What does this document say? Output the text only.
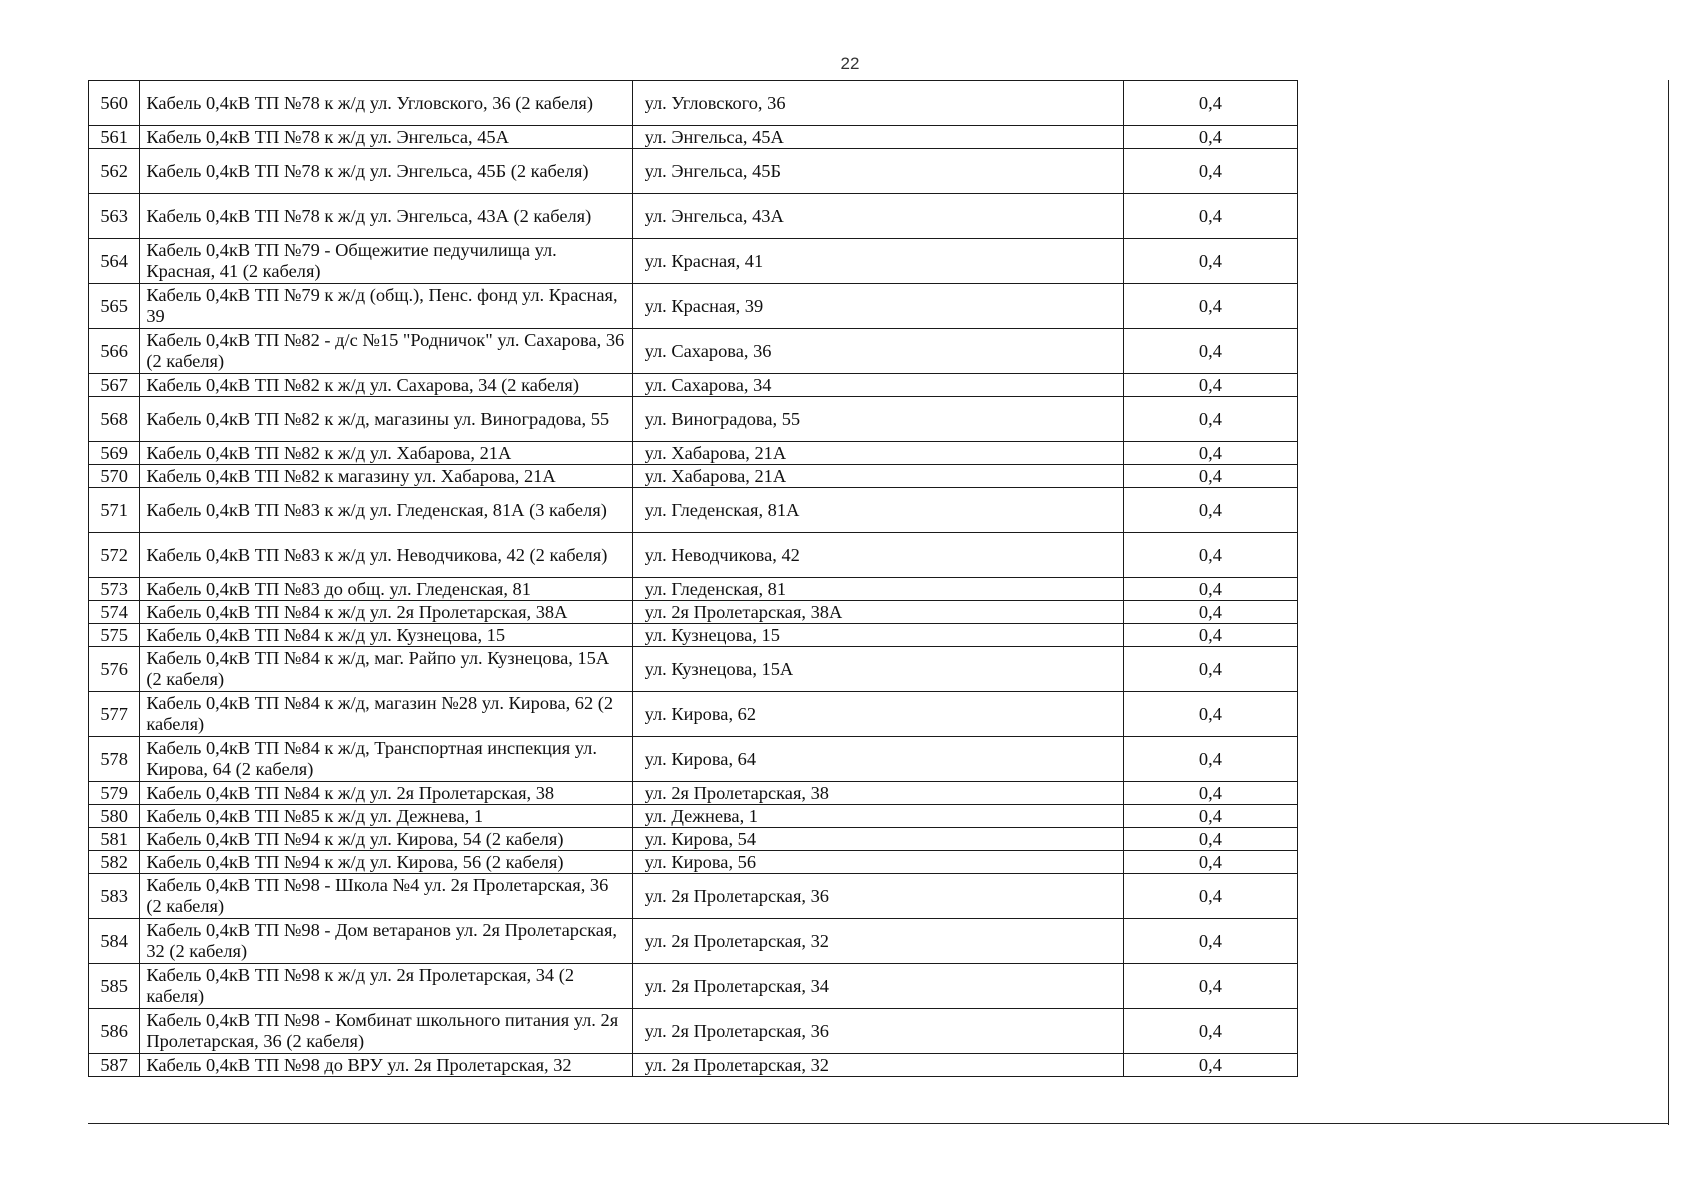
22
560	Кабель 0,4кВ ТП №78 к ж/д ул. Угловского, 36 (2 кабеля)	ул. Угловского, 36	0,4
561	Кабель 0,4кВ ТП №78 к ж/д ул. Энгельса, 45А	ул. Энгельса, 45А	0,4
562	Кабель 0,4кВ ТП №78 к ж/д ул. Энгельса, 45Б (2 кабеля)	ул. Энгельса, 45Б	0,4
563	Кабель 0,4кВ ТП №78 к ж/д ул. Энгельса, 43А (2 кабеля)	ул. Энгельса, 43А	0,4
564	Кабель 0,4кВ ТП №79 - Общежитие педучилища ул. Красная, 41 (2 кабеля)	ул. Красная, 41	0,4
565	Кабель 0,4кВ ТП №79 к ж/д (общ.), Пенс. фонд ул. Красная, 39	ул. Красная, 39	0,4
566	Кабель 0,4кВ ТП №82 - д/с №15 "Родничок" ул. Сахарова, 36 (2 кабеля)	ул. Сахарова, 36	0,4
567	Кабель 0,4кВ ТП №82 к ж/д ул. Сахарова, 34 (2 кабеля)	ул. Сахарова, 34	0,4
568	Кабель 0,4кВ ТП №82 к ж/д, магазины ул. Виноградова, 55	ул. Виноградова, 55	0,4
569	Кабель 0,4кВ ТП №82 к ж/д ул. Хабарова, 21А	ул. Хабарова, 21А	0,4
570	Кабель 0,4кВ ТП №82 к магазину ул. Хабарова, 21А	ул. Хабарова, 21А	0,4
571	Кабель 0,4кВ ТП №83 к ж/д ул. Гледенская, 81А (3 кабеля)	ул. Гледенская, 81А	0,4
572	Кабель 0,4кВ ТП №83 к ж/д ул. Неводчикова, 42 (2 кабеля)	ул. Неводчикова, 42	0,4
573	Кабель 0,4кВ ТП №83 до общ. ул. Гледенская, 81	ул. Гледенская, 81	0,4
574	Кабель 0,4кВ ТП №84 к ж/д ул. 2я Пролетарская, 38А	ул. 2я Пролетарская, 38А	0,4
575	Кабель 0,4кВ ТП №84 к ж/д ул. Кузнецова, 15	ул. Кузнецова, 15	0,4
576	Кабель 0,4кВ ТП №84 к ж/д, маг. Райпо ул. Кузнецова, 15А (2 кабеля)	ул. Кузнецова, 15А	0,4
577	Кабель 0,4кВ ТП №84 к ж/д, магазин №28 ул. Кирова, 62 (2 кабеля)	ул. Кирова, 62	0,4
578	Кабель 0,4кВ ТП №84 к ж/д, Транспортная инспекция ул. Кирова, 64 (2 кабеля)	ул. Кирова, 64	0,4
579	Кабель 0,4кВ ТП №84 к ж/д ул. 2я Пролетарская, 38	ул. 2я Пролетарская, 38	0,4
580	Кабель 0,4кВ ТП №85 к ж/д ул. Дежнева, 1	ул. Дежнева, 1	0,4
581	Кабель 0,4кВ ТП №94 к ж/д ул. Кирова, 54 (2 кабеля)	ул. Кирова, 54	0,4
582	Кабель 0,4кВ ТП №94 к ж/д ул. Кирова, 56 (2 кабеля)	ул. Кирова, 56	0,4
583	Кабель 0,4кВ ТП №98 - Школа №4 ул. 2я Пролетарская, 36 (2 кабеля)	ул. 2я Пролетарская, 36	0,4
584	Кабель 0,4кВ ТП №98 - Дом ветаранов ул. 2я Пролетарская, 32 (2 кабеля)	ул. 2я Пролетарская, 32	0,4
585	Кабель 0,4кВ ТП №98 к ж/д ул. 2я Пролетарская, 34 (2 кабеля)	ул. 2я Пролетарская, 34	0,4
586	Кабель 0,4кВ ТП №98 - Комбинат школьного питания ул. 2я Пролетарская, 36 (2 кабеля)	ул. 2я Пролетарская, 36	0,4
587	Кабель 0,4кВ ТП №98 до ВРУ ул. 2я Пролетарская, 32	ул. 2я Пролетарская, 32	0,4
